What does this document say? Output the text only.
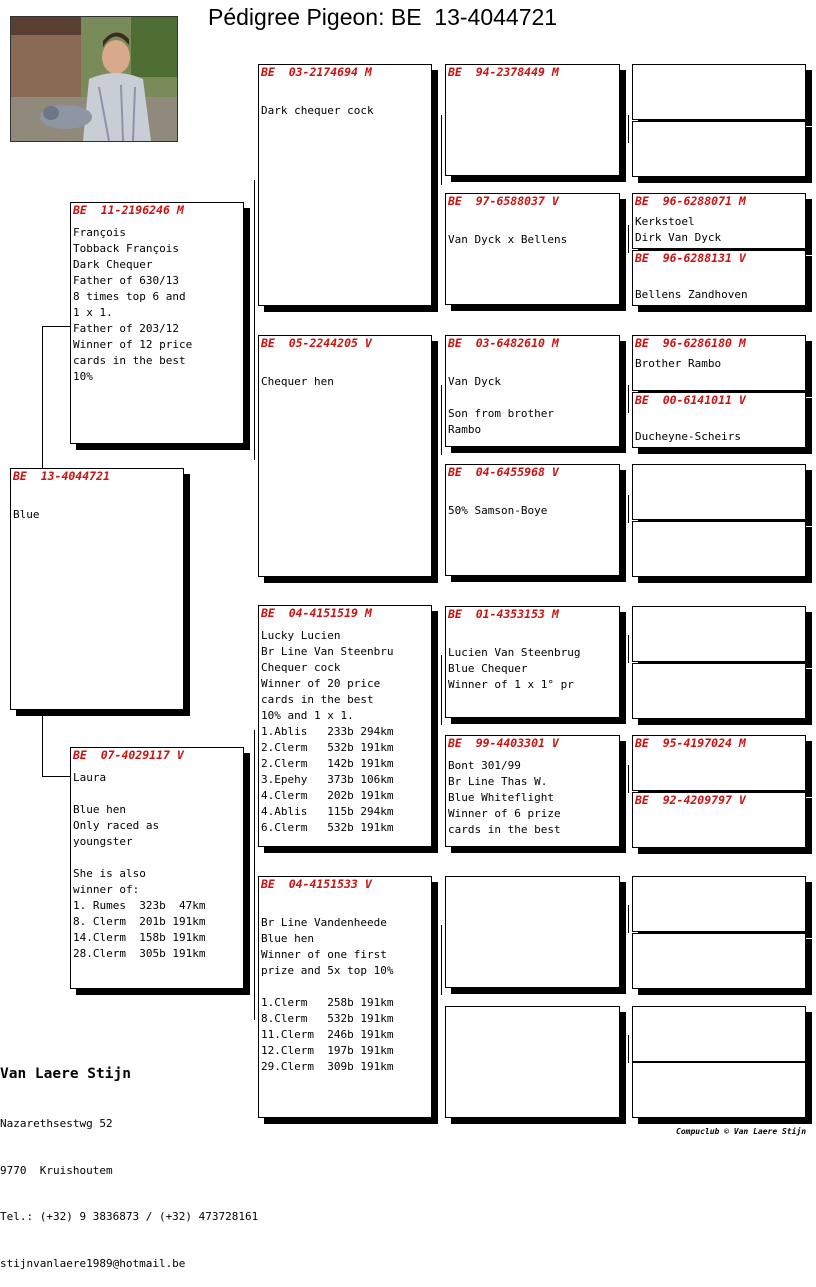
Pédigree Pigeon: BE  13-4044721
BE  13-4044721

Blue
BE  11-2196246 M
François
Tobback François
Dark Chequer
Father of 630/13
8 times top 6 and
1 x 1.
Father of 203/12
Winner of 12 price
cards in the best
10%
BE  07-4029117 V
Laura

Blue hen
Only raced as
youngster

She is also
winner of:
1. Rumes  323b  47km
8. Clerm  201b 191km
14.Clerm  158b 191km
28.Clerm  305b 191km
BE  03-2174694 M

Dark chequer cock
BE  05-2244205 V

Chequer hen
BE  04-4151519 M
Lucky Lucien
Br Line Van Steenbru
Chequer cock
Winner of 20 price
cards in the best
10% and 1 x 1.
1.Ablis   233b 294km
2.Clerm   532b 191km
2.Clerm   142b 191km
3.Epehy   373b 106km
4.Clerm   202b 191km
4.Ablis   115b 294km
6.Clerm   532b 191km
BE  04-4151533 V

Br Line Vandenheede
Blue hen
Winner of one first
prize and 5x top 10%

1.Clerm   258b 191km
8.Clerm   532b 191km
11.Clerm  246b 191km
12.Clerm  197b 191km
29.Clerm  309b 191km
BE  94-2378449 M
BE  97-6588037 V

Van Dyck x Bellens
BE  03-6482610 M

Van Dyck

Son from brother
Rambo
BE  04-6455968 V

50% Samson-Boye
BE  01-4353153 M

Lucien Van Steenbrug
Blue Chequer
Winner of 1 x 1° pr
BE  99-4403301 V
Bont 301/99
Br Line Thas W.
Blue Whiteflight
Winner of 6 prize
cards in the best
BE  96-6288071 M
Kerkstoel
Dirk Van Dyck
BE  96-6288131 V

Bellens Zandhoven
BE  96-6286180 M
Brother Rambo
BE  00-6141011 V

Ducheyne-Scheirs
BE  95-4197024 M
BE  92-4209797 V

Van Laere Stijn

Nazarethsestwg 52

9770  Kruishoutem

Tel.: (+32) 9 3836873 / (+32) 473728161

stijnvanlaere1989@hotmail.be

Compuclub © Van Laere Stijn
